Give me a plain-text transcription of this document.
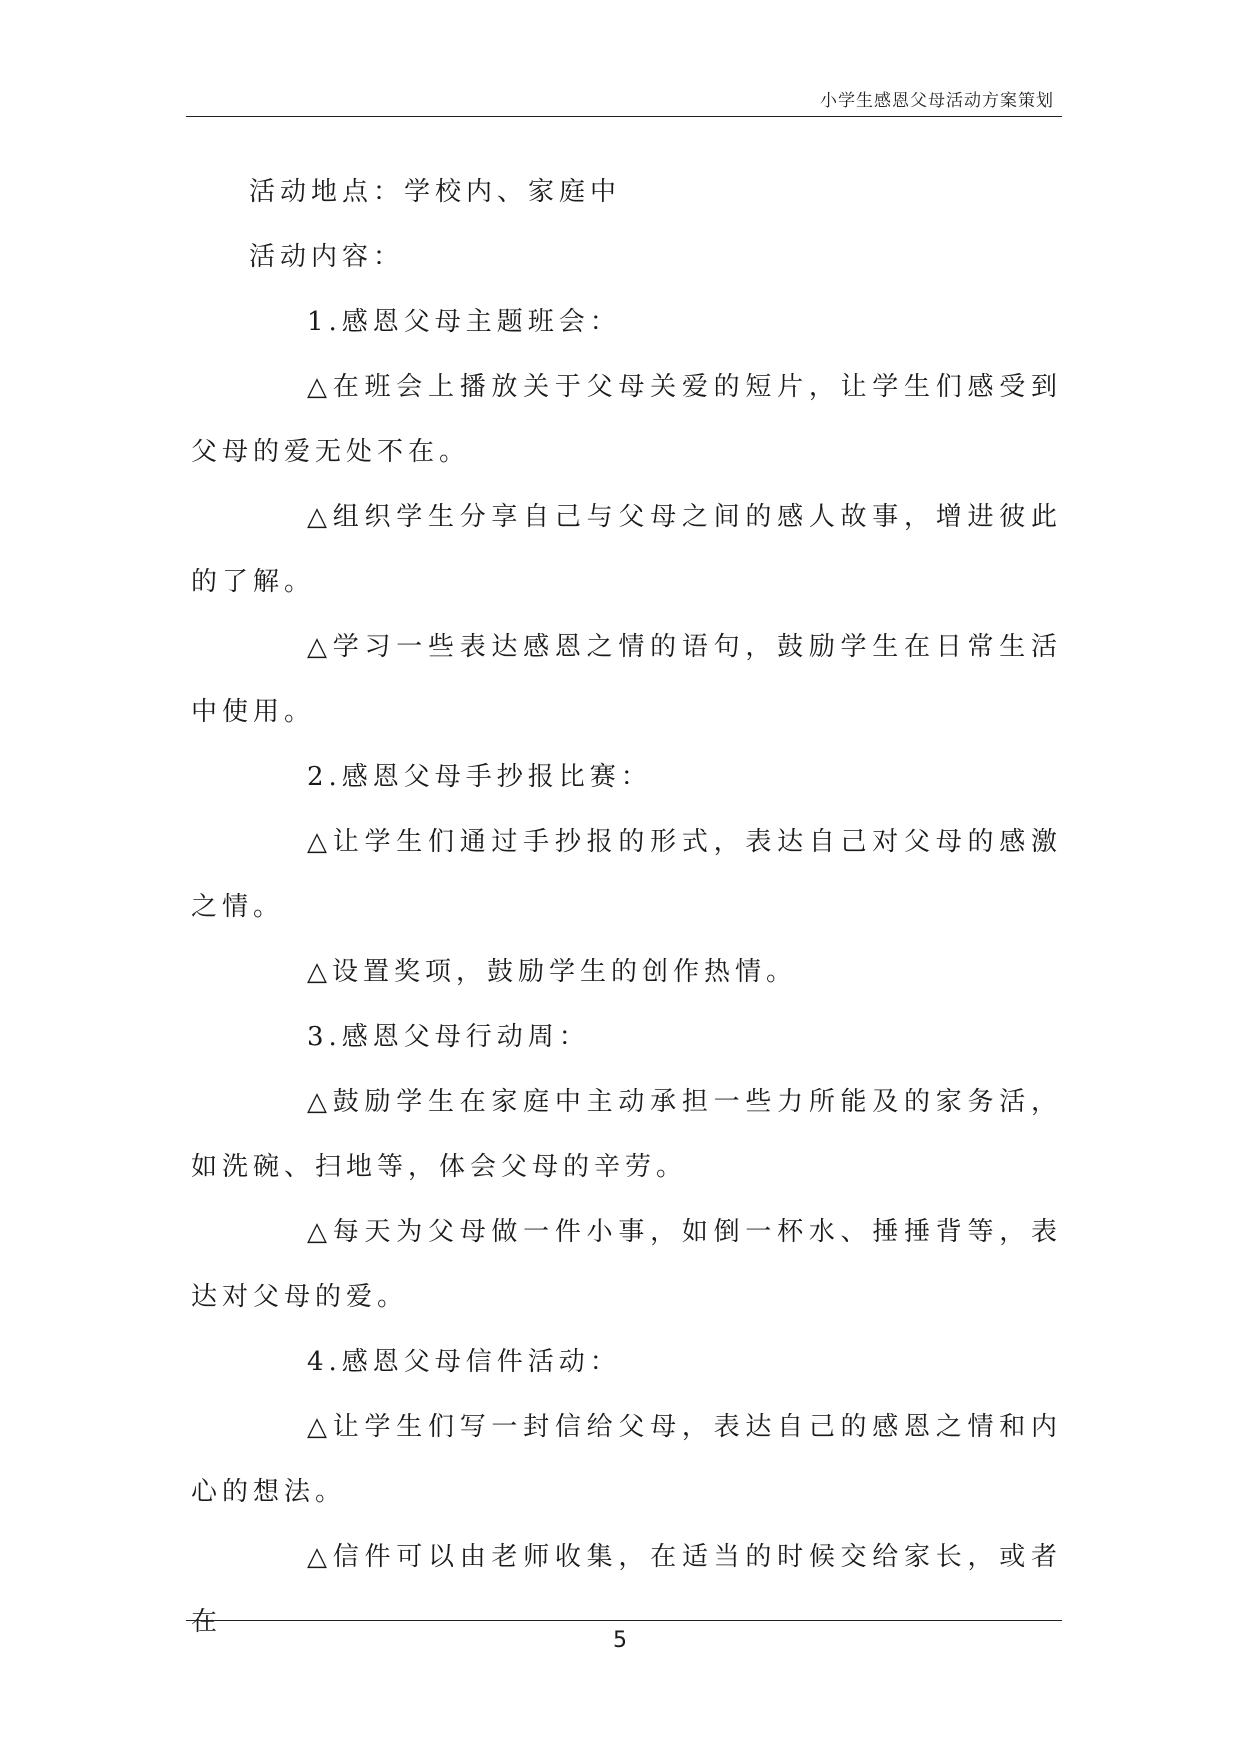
小学生感恩父母活动方案策划

活动地点：学校内、家庭中

活动内容：

1.感恩父母主题班会：

△在班会上播放关于父母关爱的短片，让学生们感受到父母的爱无处不在。

△组织学生分享自己与父母之间的感人故事，增进彼此的了解。

△学习一些表达感恩之情的语句，鼓励学生在日常生活中使用。

2.感恩父母手抄报比赛：

△让学生们通过手抄报的形式，表达自己对父母的感激之情。

△设置奖项，鼓励学生的创作热情。

3.感恩父母行动周：

△鼓励学生在家庭中主动承担一些力所能及的家务活，如洗碗、扫地等，体会父母的辛劳。

△每天为父母做一件小事，如倒一杯水、捶捶背等，表达对父母的爱。

4.感恩父母信件活动：

△让学生们写一封信给父母，表达自己的感恩之情和内心的想法。

△信件可以由老师收集，在适当的时候交给家长，或者在

5
